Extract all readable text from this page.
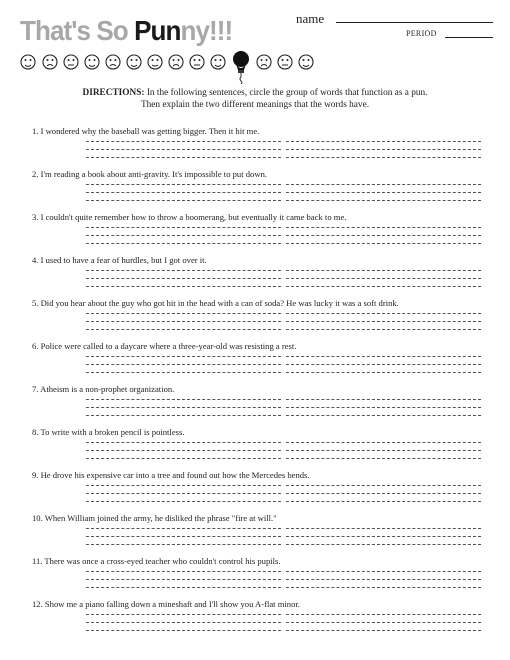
That's So Punny!!!	name
PERIOD
DIRECTIONS: In the following sentences, circle the group of words that function as a pun.
Then explain the two different meanings that the words have.
1. I wondered why the baseball was getting bigger. Then it hit me.
2. I'm reading a book about anti-gravity. It's impossible to put down.
3. I couldn't quite remember how to throw a boomerang, but eventually it came back to me.
4. I used to have a fear of hurdles, but I got over it.
5. Did you hear about the guy who got hit in the head with a can of soda? He was lucky it was a soft drink.
6. Police were called to a daycare where a three-year-old was resisting a rest.
7. Atheism is a non-prophet organization.
8. To write with a broken pencil is pointless.
9. He drove his expensive car into a tree and found out how the Mercedes bends.
10. When William joined the army, he disliked the phrase "fire at will."
11. There was once a cross-eyed teacher who couldn't control his pupils.
12. Show me a piano falling down a mineshaft and I'll show you A-flat minor.
